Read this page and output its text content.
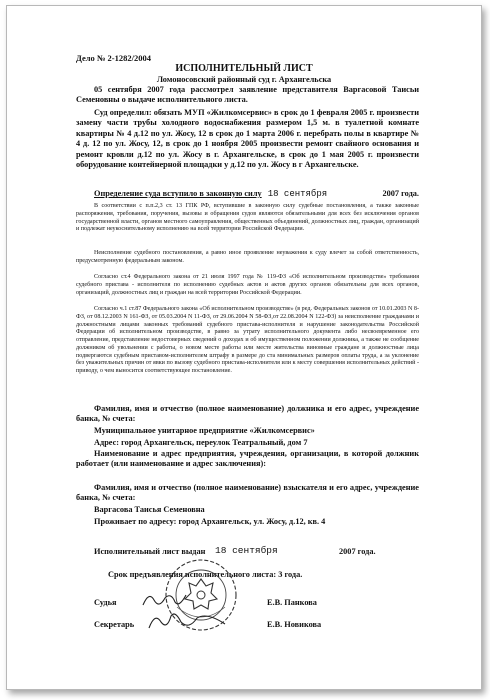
Дело № 2-1282/2004
ИСПОЛНИТЕЛЬНЫЙ ЛИСТ
Ломоносовский районный суд г. Архангельска
05 сентября 2007 года рассмотрел заявление представителя Варгасовой Таисьи Семеновны о выдаче исполнительного листа.
Суд определил: обязать МУП «Жилкомсервис» в срок до 1 февраля 2005 г. произвести замену части трубы холодного водоснабжения размером 1,5 м. в туалетной комнате квартиры № 4 д.12 по ул. Жосу, 12 в срок до 1 марта 2006 г. перебрать полы в квартире № 4 д. 12 по ул. Жосу, 12, в срок до 1 ноября 2005 произвести ремонт свайного основания и ремонт кровли д.12 по ул. Жосу в г. Архангельске, в срок до 1 мая 2005 г. произвести оборудование контейнерной площадки у д.12 по ул. Жосу в г Архангельске.
Определение суда вступило в законную силу 18 сентября	2007 года.
В соответствии с п.п.2,3 ст. 13 ГПК РФ, вступившие в законную силу судебные постановления, а также законные распоряжения, требования, поручения, вызовы и обращения судов являются обязательными для всех без исключения органов государственной власти, органов местного самоуправления, общественных объединений, должностных лиц, граждан, организаций и подлежат неукоснительному исполнению на всей территории Российской Федерации.
Неисполнение судебного постановления, а равно иное проявление неуважения к суду влечет за собой ответственность, предусмотренную федеральным законом.
Согласно ст.4 Федерального закона от 21 июля 1997 года № 119-ФЗ «Об исполнительном производстве» требования судебного пристава - исполнителя по исполнению судебных актов и актов других органов обязательны для всех органов, организаций, должностных лиц и граждан на всей территории Российской Федерации.
Согласно ч.1 ст.87 Федерального закона «Об исполнительном производстве» (в ред. Федеральных законов от 10.01.2003 N 8-ФЗ, от 08.12.2003 N 161-ФЗ, от 05.03.2004 N 11-ФЗ, от 29.06.2004 N 58-ФЗ,от 22.08.2004 N 122-ФЗ) за неисполнение гражданами и должностными лицами законных требований судебного пристава-исполнителя и нарушение законодательства Российской Федерации об исполнительном производстве, в равно за утрату исполнительного документа либо несвоевременное его отправление, представление недостоверных сведений о доходах и об имущественном положении должника, а также не сообщение должником об увольнении с работы, о новом месте работы или месте жительства виновные граждане и должностные лица подвергаются судебным приставом-исполнителем штрафу в размере до ста минимальных размеров оплаты труда, а за уклонение без уважительных причин от явки по вызову судебного пристава-исполнителя или к месту совершения исполнительных действий - приводу, о чем выносится соответствующее постановление.
Фамилия, имя и отчество (полное наименование) должника и его адрес, учреждение банка, № счета:
Муниципальное унитарное предприятие «Жилкомсервис»
Адрес: город Архангельск, переулок Театральный, дом 7
Наименование и адрес предприятия, учреждения, организации, в которой должник работает (или наименование и адрес заключения):
Фамилия, имя и отчество (полное наименование) взыскателя и его адрес, учреждение банка, № счета:
Варгасова Таисья Семеновна
Проживает по адресу: город Архангельск, ул. Жосу, д.12, кв. 4
Исполнительный лист выдан 18 сентября	2007 года.
Срок предъявления исполнительного листа: 3 года.
Судья	Е.В. Панкова
Секретарь	Е.В. Новикова
